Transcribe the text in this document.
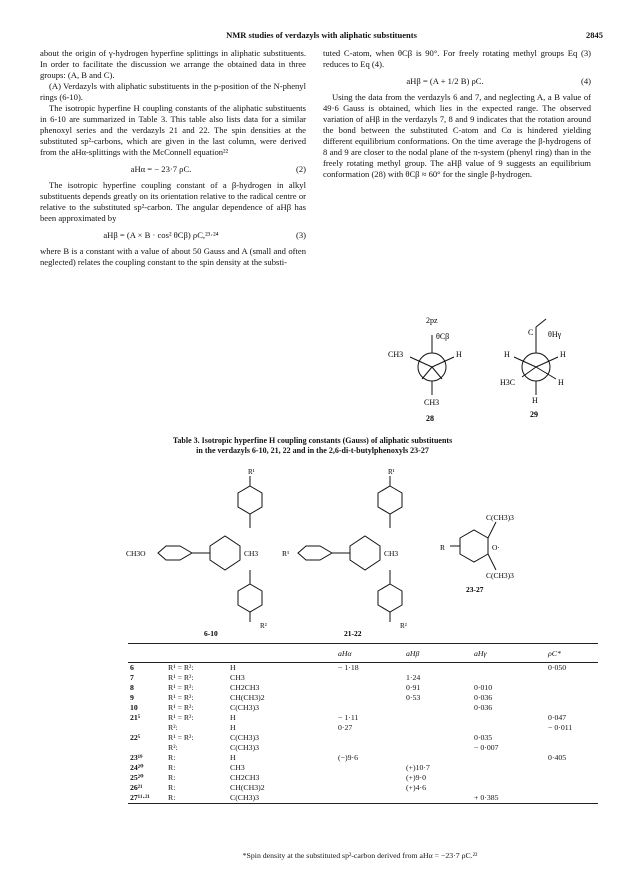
NMR studies of verdazyls with aliphatic substituents	2845

about the origin of γ-hydrogen hyperfine splittings in aliphatic substituents. In order to facilitate the discussion we arrange the obtained data in three groups: (A, B and C).

(A) Verdazyls with aliphatic substituents in the p-position of the N-phenyl rings (6-10).

The isotropic hyperfine H coupling constants of the aliphatic substituents in 6-10 are summarized in Table 3. This table also lists data for a similar phenoxyl series and the verdazyls 21 and 22. The spin densities at the substituted sp²-carbons, which are given in the last column, were derived from the aHα-splittings with the McConnell equation²²

aHα = − 23·7 ρC.	(2)

The isotropic hyperfine coupling constant of a β-hydrogen in alkyl substituents depends greatly on its orientation relative to the radical centre or relative to the substituted sp²-carbon. The angular dependence of aHβ has been approximated by

aHβ = (A × B · cos² θCβ) ρC,²³·²⁴	(3)

where B is a constant with a value of about 50 Gauss and A (small and often neglected) relates the coupling constant to the spin density at the substi-

tuted C-atom, when θCβ is 90°. For freely rotating methyl groups Eq (3) reduces to Eq (4).

aHβ = (A + 1/2 B) ρC.	(4)

Using the data from the verdazyls 6 and 7, and neglecting A, a B value of 49·6 Gauss is obtained, which lies in the expected range. The observed variation of aHβ in the verdazyls 7, 8 and 9 indicates that the rotation around the bond between the substituted C-atom and Cα is hindered yielding different equilibrium conformations. On the time average the β-hydrogens of 8 and 9 are closer to the nodal plane of the π-system (phenyl ring) than in the freely rotating methyl group. The aHβ value of 9 suggests an equilibrium conformation (28) with θCβ ≈ 60° for the single β-hydrogen.

2pz
θCβ
CH3	H
CH3
28
C θHγ
H	H
H3C	H
H
29
Table 3. Isotropic hyperfine H coupling constants (Gauss) of aliphatic substituents
in the verdazyls 6-10, 21, 22 and in the 2,6-di-t-butylphenoxyls 23-27
R¹
CH3O	CH3
R²
6-10
R¹
R¹	CH3
R²
21-22
C(CH3)3
O·
C(CH3)3
R
23-27
			aHα	aHβ	aHγ	ρC*
6	R¹ = R²:	H	− 1·18			0·050
7	R¹ = R²:	CH3		1·24		
8	R¹ = R²:	CH2CH3		0·91	0·010	
9	R¹ = R²:	CH(CH3)2		0·53	0·036	
10	R¹ = R²:	C(CH3)3			0·036	
21⁵	R¹ = R²:	H	− 1·11			0·047
	R²:	H	0·27			− 0·011
22⁵	R¹ = R²:	C(CH3)3			0·035	
	R²:	C(CH3)3			− 0·007	
23¹⁹	R:	H	(−)9·6			0·405
24²⁰	R:	CH3		(+)10·7		
25²⁰	R:	CH2CH3		(+)9·0		
26²¹	R:	CH(CH3)2		(+)4·6		
27¹¹·²¹	R:	C(CH3)3			+ 0·385	
*Spin density at the substituted sp²-carbon derived from aHα = −23·7 ρC.²²
